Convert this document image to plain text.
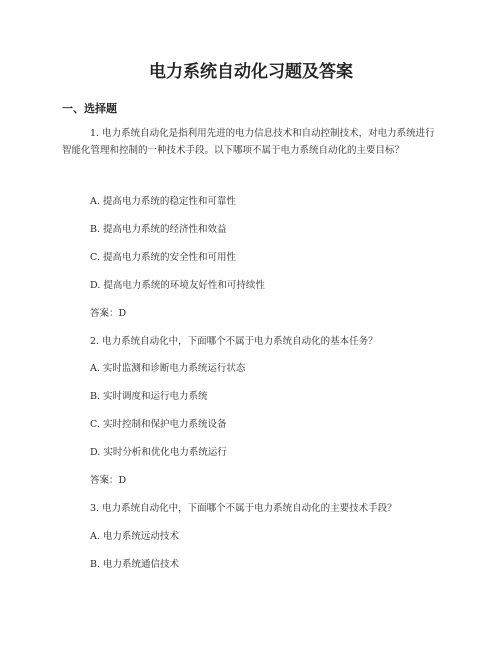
电力系统自动化习题及答案
一、选择题

1. 电力系统自动化是指利用先进的电力信息技术和自动控制技术，对电力系统进行智能化管理和控制的一种技术手段。以下哪项不属于电力系统自动化的主要目标？

A. 提高电力系统的稳定性和可靠性

B. 提高电力系统的经济性和效益

C. 提高电力系统的安全性和可用性

D. 提高电力系统的环境友好性和可持续性

答案：D

2. 电力系统自动化中，下面哪个不属于电力系统自动化的基本任务？

A. 实时监测和诊断电力系统运行状态

B. 实时调度和运行电力系统

C. 实时控制和保护电力系统设备

D. 实时分析和优化电力系统运行

答案：D

3. 电力系统自动化中，下面哪个不属于电力系统自动化的主要技术手段？

A. 电力系统远动技术

B. 电力系统通信技术
